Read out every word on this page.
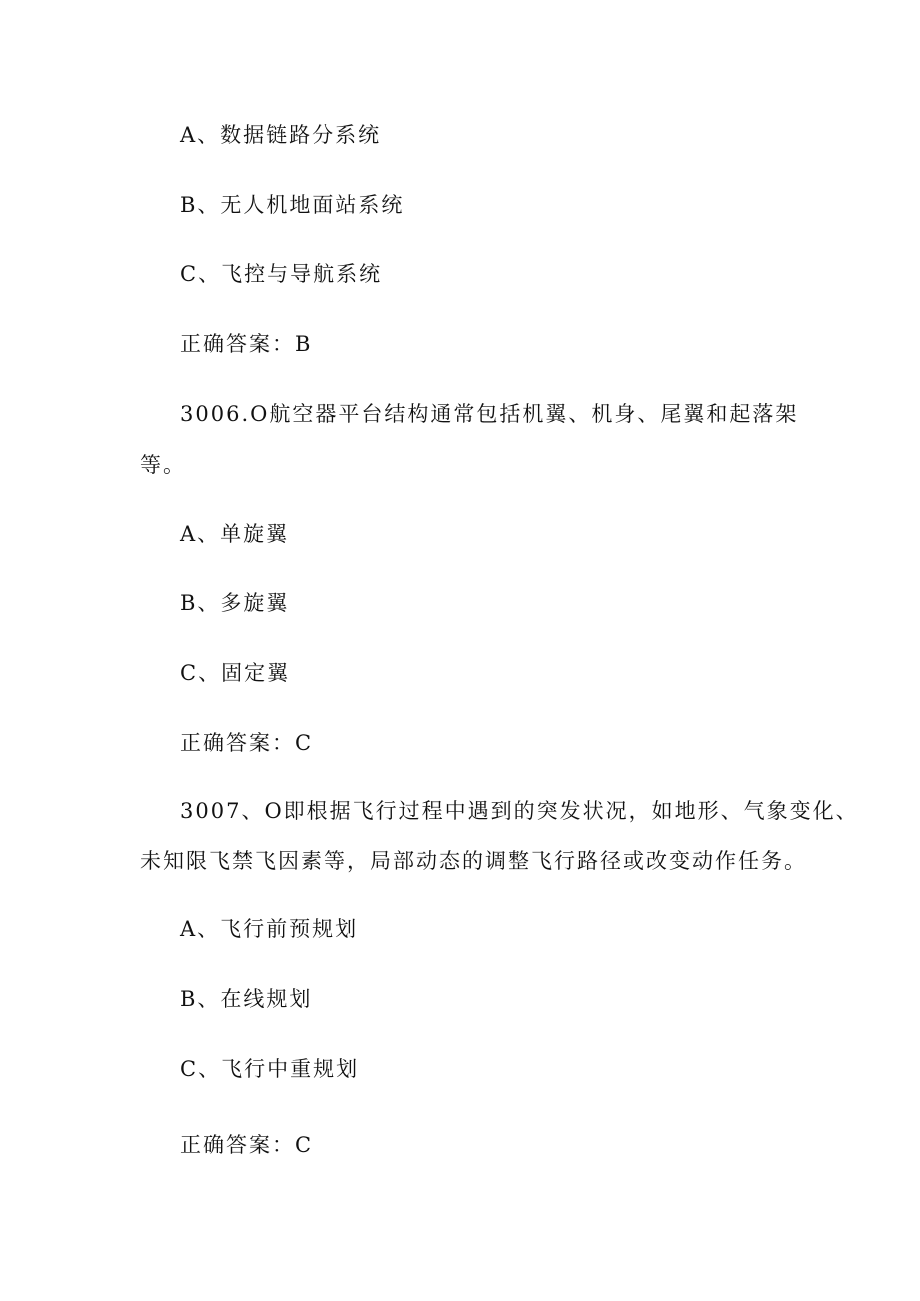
A、数据链路分系统
B、无人机地面站系统
C、飞控与导航系统
正确答案：B
3006.O航空器平台结构通常包括机翼、机身、尾翼和起落架
等。
A、单旋翼
B、多旋翼
C、固定翼
正确答案：C
3007、O即根据飞行过程中遇到的突发状况，如地形、气象变化、
未知限飞禁飞因素等，局部动态的调整飞行路径或改变动作任务。
A、飞行前预规划
B、在线规划
C、飞行中重规划
正确答案：C
